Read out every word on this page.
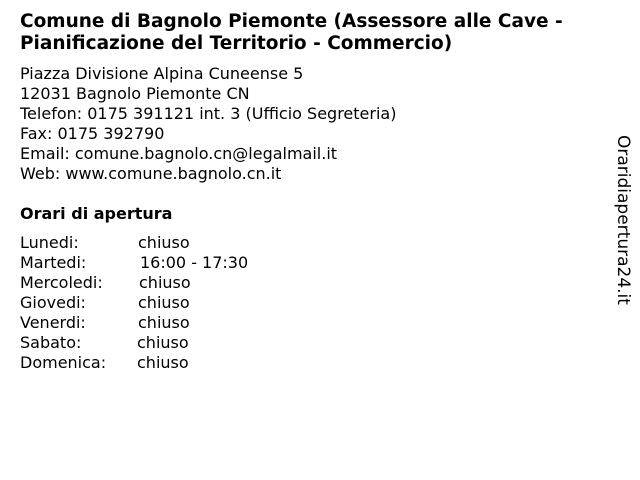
Comune di Bagnolo Piemonte (Assessore alle Cave -
Pianificazione del Territorio - Commercio)
Piazza Divisione Alpina Cuneense 5
12031 Bagnolo Piemonte CN
Telefon: 0175 391121 int. 3 (Ufficio Segreteria)
Fax: 0175 392790
Email: comune.bagnolo.cn@legalmail.it
Web: www.comune.bagnolo.cn.it
Orari di apertura
Lunedi:	chiuso
Martedi:	16:00 - 17:30
Mercoledi: chiuso
Giovedi:	chiuso
Venerdi:	chiuso
Sabato:	chiuso
Domenica: chiuso
Oraridiapertura24.it
